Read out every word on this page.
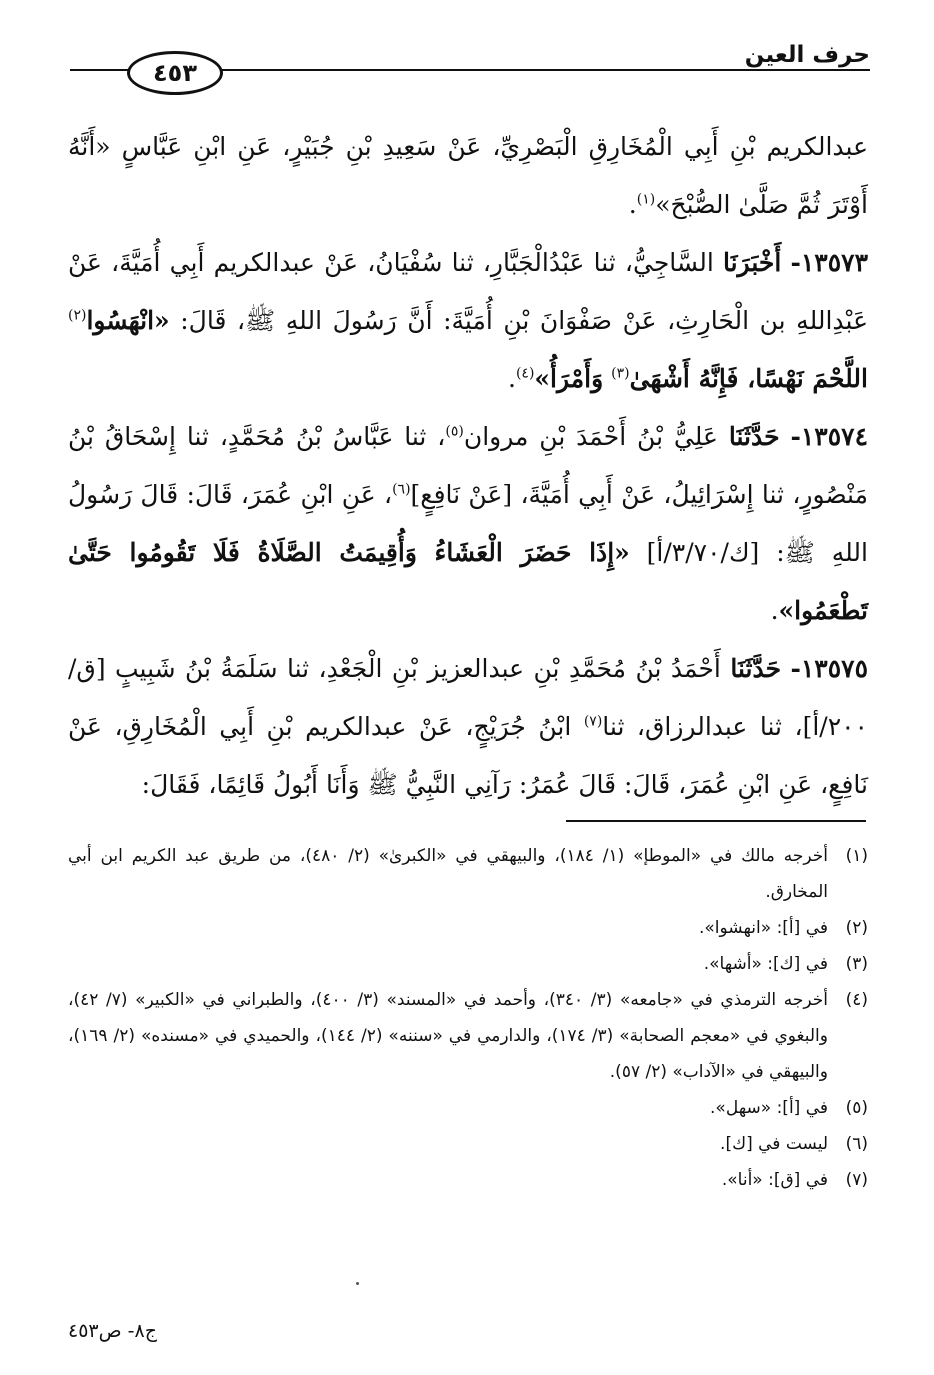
حرف العين
٤٥٣

عبدالكريم بْنِ أَبِي الْمُخَارِقِ الْبَصْرِيِّ، عَنْ سَعِيدِ بْنِ جُبَيْرٍ، عَنِ ابْنِ عَبَّاسٍ «أَنَّهُ أَوْتَرَ ثُمَّ صَلَّىٰ الصُّبْحَ»$^{(١)}$.

١٣٥٧٣- أَخْبَرَنَا السَّاجِيُّ، ثنا عَبْدُالْجَبَّارِ، ثنا سُفْيَانُ، عَنْ عبدالكريم أَبِي أُمَيَّةَ، عَنْ عَبْدِاللهِ بن الْحَارِثِ، عَنْ صَفْوَانَ بْنِ أُمَيَّةَ: أَنَّ رَسُولَ اللهِ ﷺ، قَالَ: «انْهَسُوا$^{(٢)}$ اللَّحْمَ نَهْسًا، فَإِنَّهُ أَشْهَىٰ$^{(٣)}$ وَأَمْرَأُ»$^{(٤)}$.

١٣٥٧٤- حَدَّثَنَا عَلِيُّ بْنُ أَحْمَدَ بْنِ مروان$^{(٥)}$، ثنا عَبَّاسُ بْنُ مُحَمَّدٍ، ثنا إِسْحَاقُ بْنُ مَنْصُورٍ، ثنا إِسْرَائِيلُ، عَنْ أَبِي أُمَيَّةَ، [عَنْ نَافِعٍ]$^{(٦)}$، عَنِ ابْنِ عُمَرَ، قَالَ: قَالَ رَسُولُ اللهِ ﷺ: [ك/٣/٧٠/أ] «إِذَا حَضَرَ الْعَشَاءُ وَأُقِيمَتُ الصَّلَاةُ فَلَا تَقُومُوا حَتَّىٰ تَطْعَمُوا».

١٣٥٧٥- حَدَّثَنَا أَحْمَدُ بْنُ مُحَمَّدِ بْنِ عبدالعزيز بْنِ الْجَعْدِ، ثنا سَلَمَةُ بْنُ شَبِيبٍ [ق/٢٠٠/أ]، ثنا عبدالرزاق، ثنا$^{(٧)}$ ابْنُ جُرَيْجٍ، عَنْ عبدالكريم بْنِ أَبِي الْمُخَارِقِ، عَنْ نَافِعٍ، عَنِ ابْنِ عُمَرَ، قَالَ: قَالَ عُمَرُ: رَآنِي النَّبِيُّ ﷺ وَأَنَا أَبُولُ قَائِمًا، فَقَالَ:

(١)
أخرجه مالك في «الموطإ» (١/ ١٨٤)، والبيهقي في «الكبرىٰ» (٢/ ٤٨٠)، من طريق عبد الكريم ابن أبي المخارق.
(٢)
في [أ]: «انهشوا».
(٣)
في [ك]: «أشها».
(٤)
أخرجه الترمذي في «جامعه» (٣/ ٣٤٠)، وأحمد في «المسند» (٣/ ٤٠٠)، والطبراني في «الكبير» (٧/ ٤٢)، والبغوي في «معجم الصحابة» (٣/ ١٧٤)، والدارمي في «سننه» (٢/ ١٤٤)، والحميدي في «مسنده» (٢/ ١٦٩)، والبيهقي في «الآداب» (٢/ ٥٧).
(٥)
في [أ]: «سهل».
(٦)
ليست في [ك].
(٧)
في [ق]: «أنا».
ج٨- ص٤٥٣
